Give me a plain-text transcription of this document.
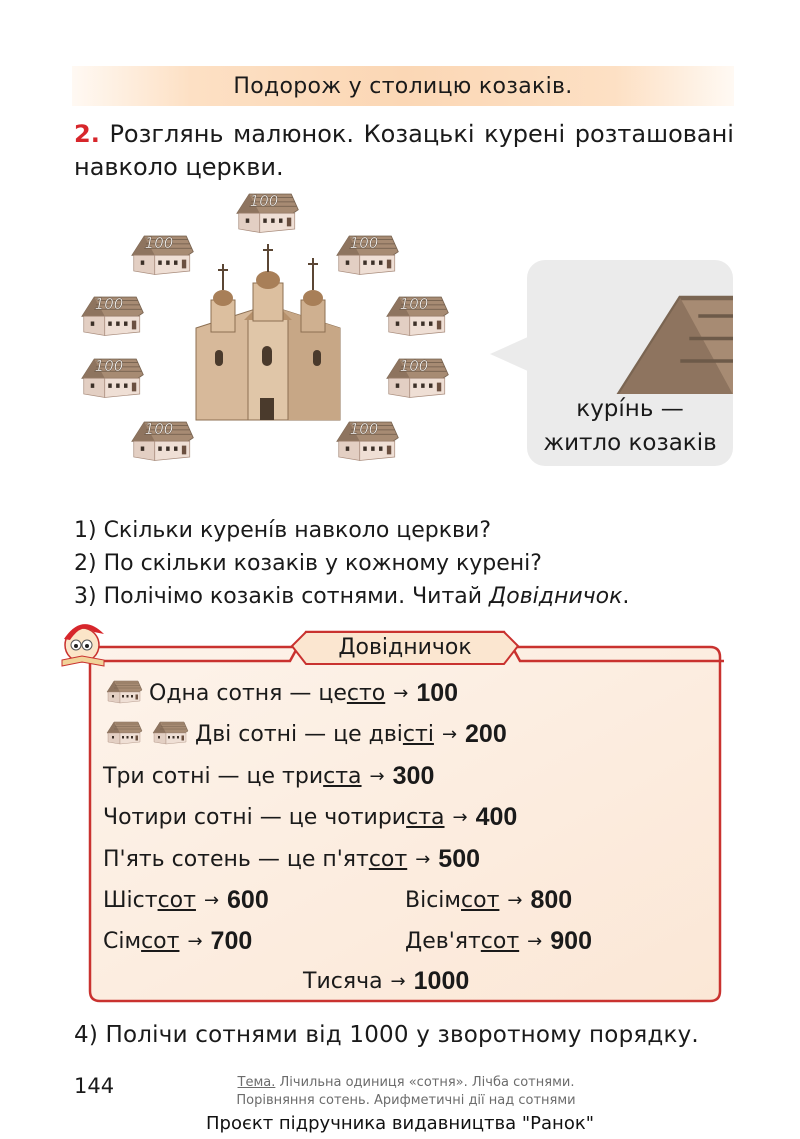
Подорож у столицю козаків.
2. Розглянь малюнок. Козацькі курені розташовані навколо церкви.
100
100	100
100	100
100	100
100	100
курі́нь —
житло козаків
1) Скільки курені́в навколо церкви?
2) По скільки козаків у кожному курені?
3) Полічімо козаків сотнями. Читай Довідничок.
Довідничок
Одна сотня — це сто → 100
Дві сотні — це дві сті → 200
Три сотні — це три ста → 300
Чотири сотні — це чотири ста → 400
П'ять сотень — це п'ят сот → 500
Шіст сот → 600	Вісім сот → 800
Сім сот → 700	Дев'ят сот → 900
Тисяча → 1000
4) Полічи сотнями від 1000 у зворотному порядку.
144	Тема. Лічильна одиниця «сотня». Лічба сотнями.
Порівняння сотень. Арифметичні дії над сотнями
Проєкт підручника видавництва "Ранок"
